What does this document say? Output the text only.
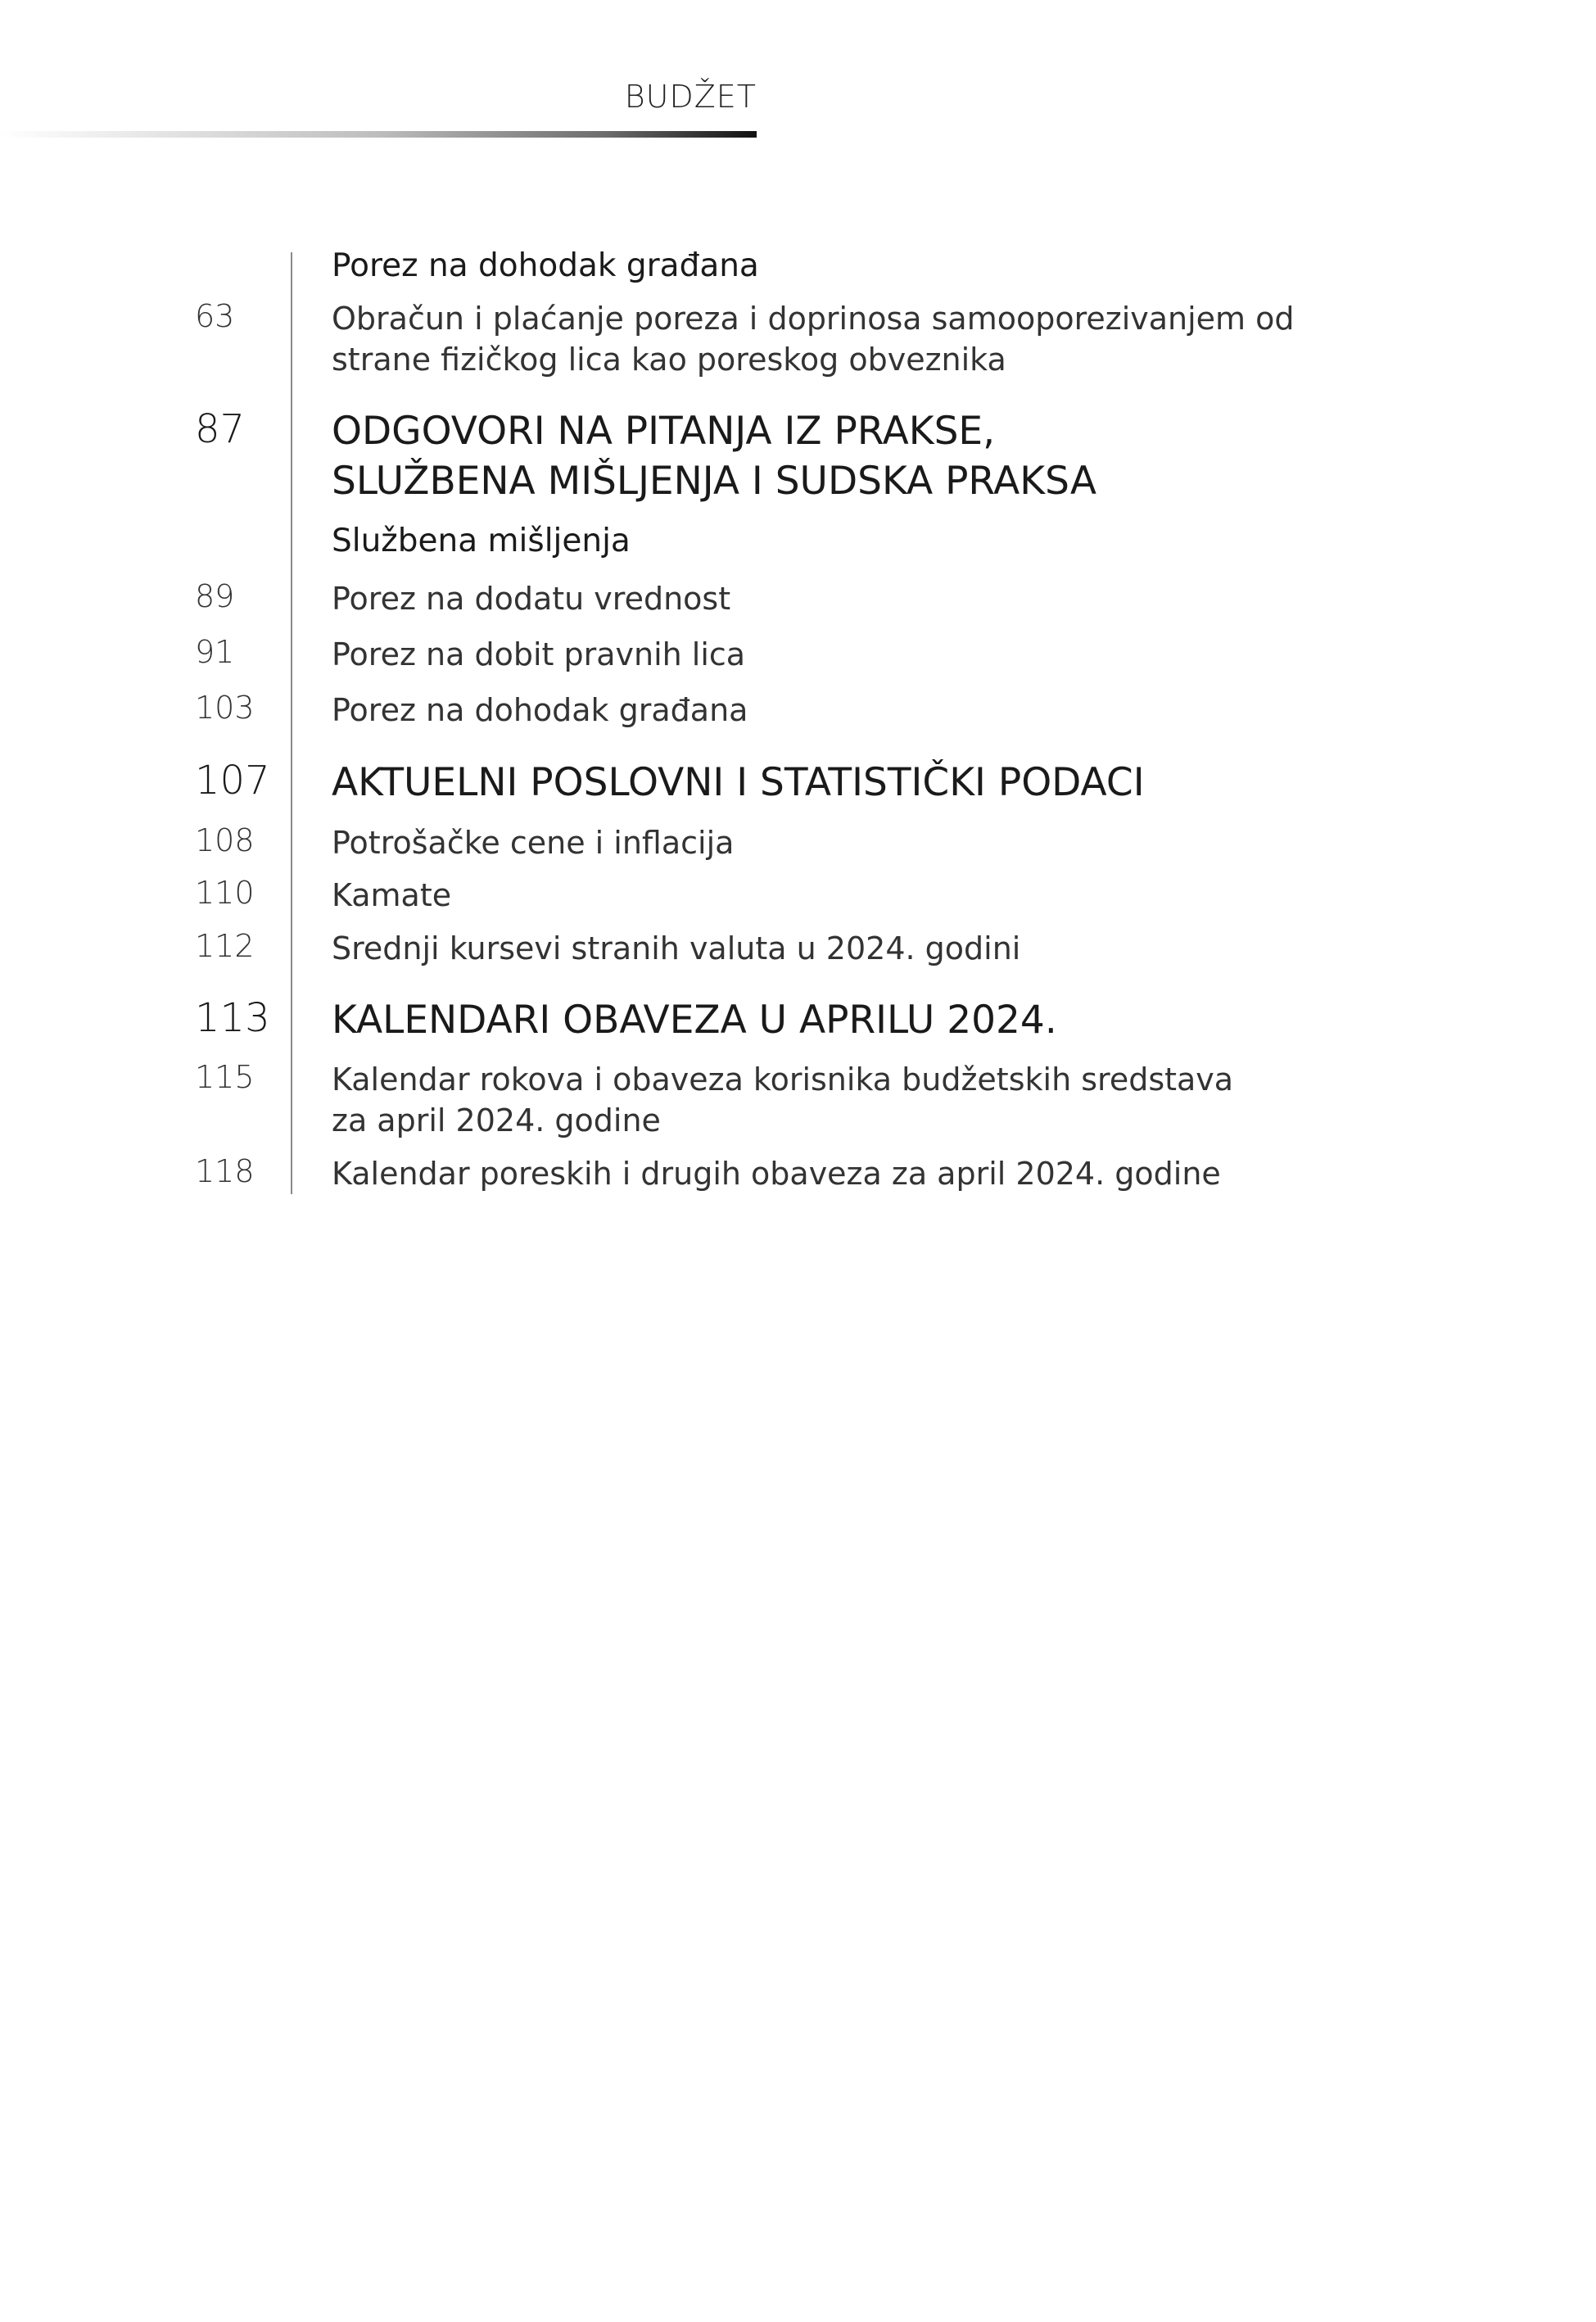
BUDŽET
Porez na dohodak građana
63	Obračun i plaćanje poreza i doprinosa samooporezivanjem od
strane fizičkog lica kao poreskog obveznika
87 ODGOVORI NA PITANJA IZ PRAKSE,
SLUŽBENA MIŠLJENJA I SUDSKA PRAKSA
Službena mišljenja
89	Porez na dodatu vrednost
91	Porez na dobit pravnih lica
103 Porez na dohodak građana
107 AKTUELNI POSLOVNI I STATISTIČKI PODACI
108 Potrošačke cene i inflacija
110 Kamate
112 Srednji kursevi stranih valuta u 2024. godini
113 KALENDARI OBAVEZA U APRILU 2024.
115 Kalendar rokova i obaveza korisnika budžetskih sredstava
za april 2024. godine
118 Kalendar poreskih i drugih obaveza za april 2024. godine
